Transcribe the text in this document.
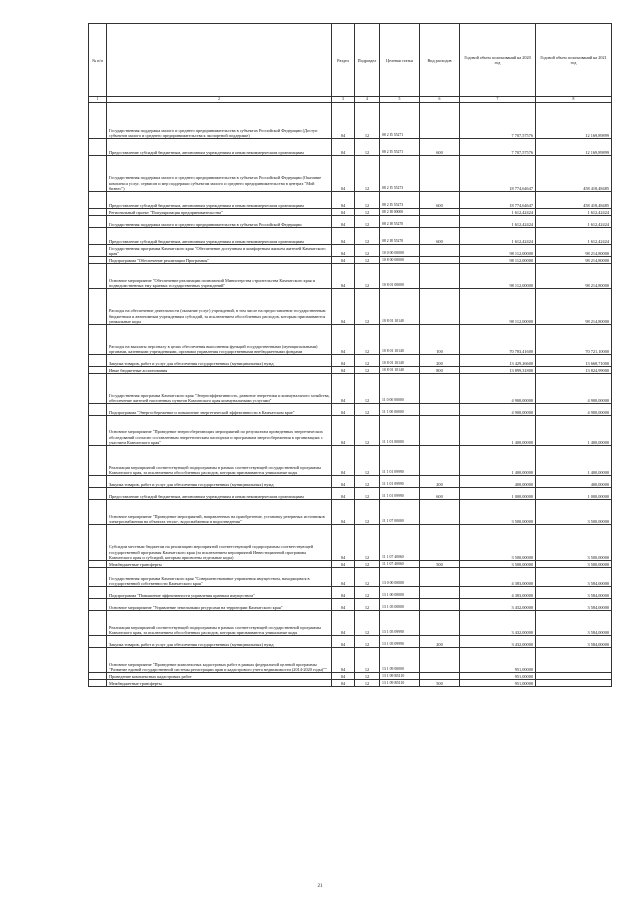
№ п/п		Раздел	Подраздел	Целевая статья	Вид расходов	Годовой объем ассигнований на 2020 год	Годовой объем ассигнований на 2021 год
1	2	3	4	5	6	7	8
	Государственная поддержка малого и среднего предпринимательства в субъектах Российской Федерации (Доступ субъектов малого и среднего предпринимательства к экспортной поддержке)	04	12	08 2 I5 55271		7 707,57576	12 169,89899
	Предоставление субсидий бюджетным, автономным учреждениям и иным некоммерческим организациям	04	12	08 2 I5 55271	600	7 707,57576	12 169,89899
	Государственная поддержка малого и среднего предпринимательства в субъектах Российской Федерации (Оказание комплекса услуг, сервисов и мер поддержки субъектам малого и среднего предпринимательства в центрах "Мой бизнес")	04	12	08 2 I5 55273		18 774,64647	458 418,48485
	Предоставление субсидий бюджетным, автономным учреждениям и иным некоммерческим организациям	04	12	08 2 I5 55273	600	18 774,64647	458 418,48485
	Региональный проект "Популяризация предпринимательства"	04	12	08 2 I8 00000		1 612,42424	1 612,42424
	Государственная поддержка малого и среднего предпринимательства в субъектах Российской Федерации	04	12	08 2 I8 55270		1 612,42424	1 612,42424
	Предоставление субсидий бюджетным, автономным учреждениям и иным некоммерческим организациям	04	12	08 2 I8 55270	600	1 612,42424	1 612,42424
	Государственная программа Камчатского края "Обеспечение доступным и комфортным жильем жителей Камчатского края"	04	12	10 0 00 00000		98 112,00000	98 214,80000
	Подпрограмма "Обеспечение реализации Программы"	04	12	10 8 00 00000		98 112,00000	98 214,80000
	Основное мероприятие "Обеспечение реализации полномочий Министерства строительства Камчатского края и подведомственных ему краевых государственных учреждений"	04	12	10 8 01 00000		98 112,00000	98 214,80000
	Расходы на обеспечение деятельности (оказание услуг) учреждений, в том числе на предоставление государственным бюджетным и автономным учреждениям субсидий, за исключением обособленных расходов, которым присваиваются уникальные коды	04	12	10 8 01 10140		98 112,00000	98 214,80000
	Расходы на выплаты персоналу в целях обеспечения выполнения функций государственными (муниципальными) органами, казенными учреждениями, органами управления государственными внебюджетными фондами	04	12	10 8 01 10140	100	70 783,41600	70 721,10000
	Закупка товаров, работ и услуг для обеспечения государственных (муниципальных) нужд	04	12	10 8 01 10140	200	13 429,26600	13 668,71000
	Иные бюджетные ассигнования	04	12	10 8 01 10140	800	13 899,31800	13 824,99000
	Государственная программа Камчатского края "Энергоэффективность, развитие энергетики и коммунального хозяйства, обеспечение жителей населенных пунктов Камчатского края коммунальными услугами"	04	12	11 0 00 00000		4 900,00000	4 900,00000
	Подпрограмма "Энергосбережение и повышение энергетической эффективности в Камчатском крае"	04	12	11 1 00 00000		4 900,00000	4 900,00000
	Основное мероприятие "Проведение энергосберегающих мероприятий по результатам проведенных энергетических обследований согласно составленным энергетическим паспортам и программам энергосбережения в организациях с участием Камчатского края"	04	12	11 1 01 00000		1 400,00000	1 400,00000
	Реализация мероприятий соответствующей подпрограммы в рамках соответствующей государственной программы Камчатского края, за исключением обособленных расходов, которым присваиваются уникальные коды	04	12	11 1 01 09990		1 400,00000	1 400,00000
	Закупка товаров, работ и услуг для обеспечения государственных (муниципальных) нужд	04	12	11 1 01 09990	200	400,00000	400,00000
	Предоставление субсидий бюджетным, автономным учреждениям и иным некоммерческим организациям	04	12	11 1 01 09990	600	1 000,00000	1 000,00000
	Основное мероприятие "Проведение мероприятий, направленных на приобретение, установку резервных источников электроснабжения на объектах тепло-, водоснабжения и водоотведения"	04	12	11 1 07 00000		3 500,00000	3 500,00000
	Субсидии местным бюджетам на реализацию мероприятий соответствующей подпрограммы соответствующей государственной программы Камчатского края (за исключением мероприятий Инвестиционной программы Камчатского края и субсидий, которым присвоены отдельные коды)	04	12	11 1 07 40060		3 500,00000	3 500,00000
	Межбюджетные трансферты	04	12	11 1 07 40060	500	3 500,00000	3 500,00000
	Государственная программа Камчатского края "Совершенствование управления имуществом, находящимся в государственной собственности Камчатского края"	04	12	13 0 00 00000		4 383,00000	3 584,00000
	Подпрограмма "Повышение эффективности управления краевым имуществом"	04	12	13 1 00 00000		4 383,00000	3 584,00000
	Основное мероприятие "Управление земельными ресурсами на территории Камчатского края"	04	12	13 1 05 00000		3 432,00000	3 584,00000
	Реализация мероприятий соответствующей подпрограммы в рамках соответствующей государственной программы Камчатского края, за исключением обособленных расходов, которым присваиваются уникальные коды	04	12	13 1 05 09990		3 432,00000	3 584,00000
	Закупка товаров, работ и услуг для обеспечения государственных (муниципальных) нужд	04	12	13 1 05 09990	200	3 432,00000	3 584,00000
	Основное мероприятие "Проведение комплексных кадастровых работ в рамках федеральной целевой программы "Развитие единой государственной системы регистрации прав и кадастрового учета недвижимости (2014-2020 годы)""	04	12	13 1 09 00000		951,00000	
	Проведение комплексных кадастровых работ	04	12	13 1 09 R5110		951,00000	
	Межбюджетные трансферты	04	12	13 1 09 R5110	500	951,00000	
21
